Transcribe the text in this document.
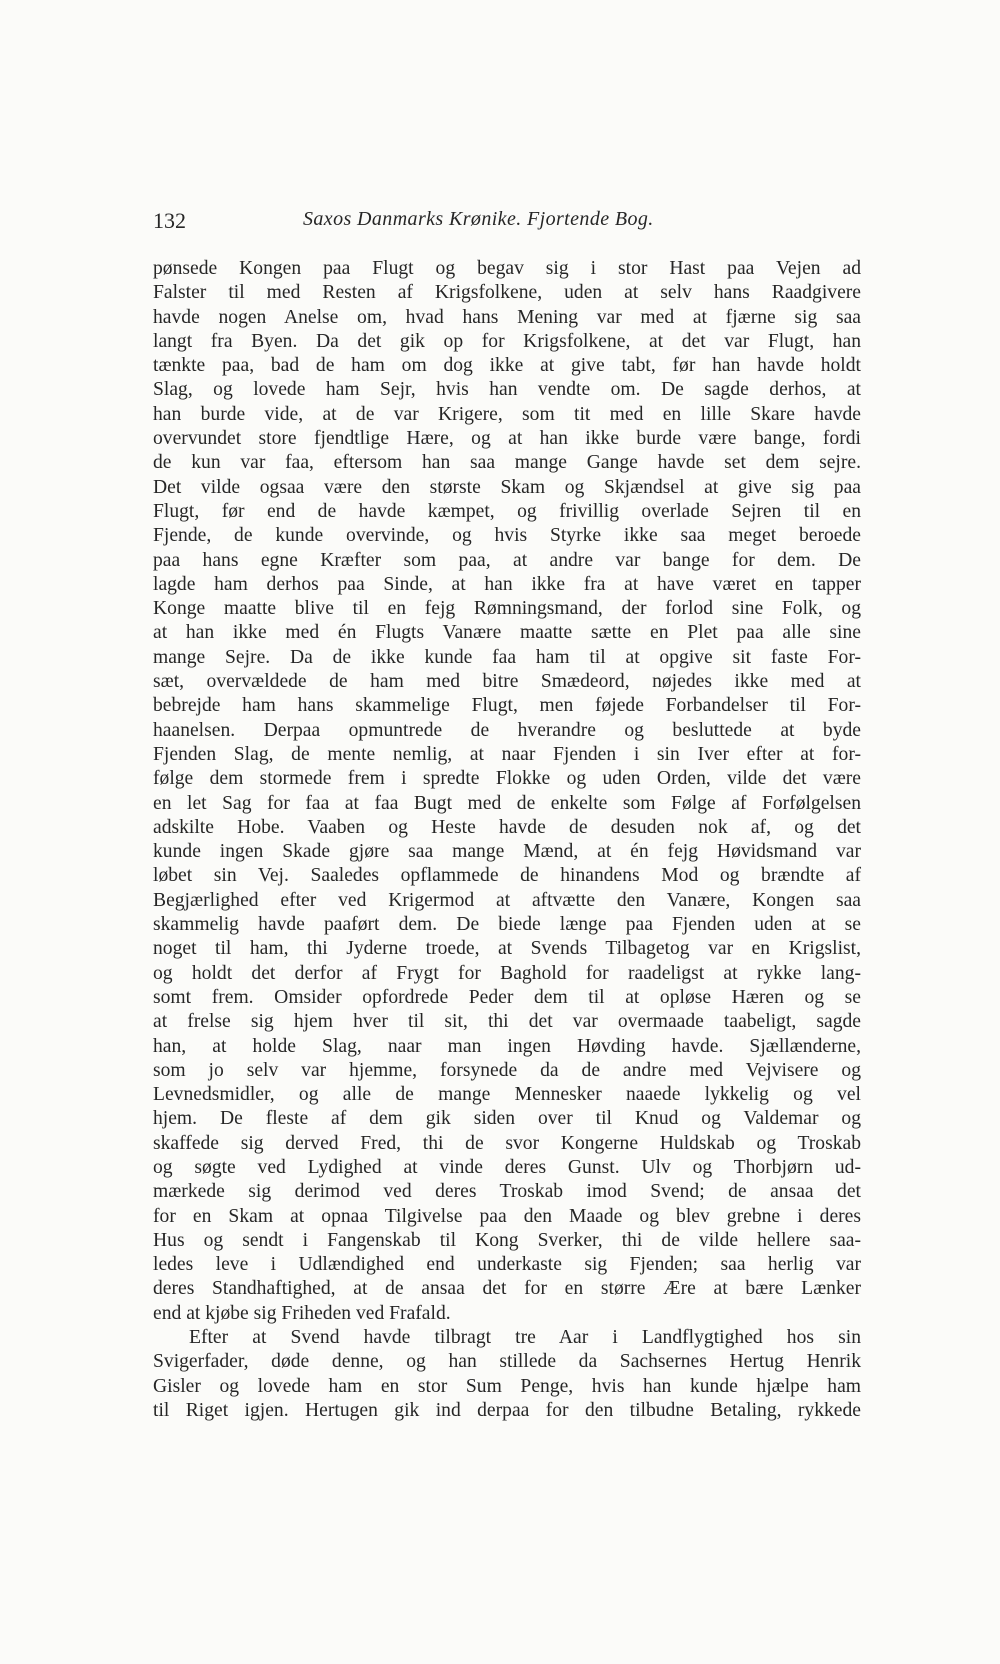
132	Saxos Danmarks Krønike. Fjortende Bog.
pønsede Kongen paa Flugt og begav sig i stor Hast paa Vejen ad
Falster til med Resten af Krigsfolkene, uden at selv hans Raadgivere
havde nogen Anelse om, hvad hans Mening var med at fjærne sig saa
langt fra Byen. Da det gik op for Krigsfolkene, at det var Flugt, han
tænkte paa, bad de ham om dog ikke at give tabt, før han havde holdt
Slag, og lovede ham Sejr, hvis han vendte om. De sagde derhos, at
han burde vide, at de var Krigere, som tit med en lille Skare havde
overvundet store fjendtlige Hære, og at han ikke burde være bange, fordi
de kun var faa, eftersom han saa mange Gange havde set dem sejre.
Det vilde ogsaa være den største Skam og Skjændsel at give sig paa
Flugt, før end de havde kæmpet, og frivillig overlade Sejren til en
Fjende, de kunde overvinde, og hvis Styrke ikke saa meget beroede
paa hans egne Kræfter som paa, at andre var bange for dem. De
lagde ham derhos paa Sinde, at han ikke fra at have været en tapper
Konge maatte blive til en fejg Rømningsmand, der forlod sine Folk, og
at han ikke med én Flugts Vanære maatte sætte en Plet paa alle sine
mange Sejre. Da de ikke kunde faa ham til at opgive sit faste For-
sæt, overvældede de ham med bitre Smædeord, nøjedes ikke med at
bebrejde ham hans skammelige Flugt, men føjede Forbandelser til For-
haanelsen. Derpaa opmuntrede de hverandre og besluttede at byde
Fjenden Slag, de mente nemlig, at naar Fjenden i sin Iver efter at for-
følge dem stormede frem i spredte Flokke og uden Orden, vilde det være
en let Sag for faa at faa Bugt med de enkelte som Følge af Forfølgelsen
adskilte Hobe. Vaaben og Heste havde de desuden nok af, og det
kunde ingen Skade gjøre saa mange Mænd, at én fejg Høvidsmand var
løbet sin Vej. Saaledes opflammede de hinandens Mod og brændte af
Begjærlighed efter ved Krigermod at aftvætte den Vanære, Kongen saa
skammelig havde paaført dem. De biede længe paa Fjenden uden at se
noget til ham, thi Jyderne troede, at Svends Tilbagetog var en Krigslist,
og holdt det derfor af Frygt for Baghold for raadeligst at rykke lang-
somt frem. Omsider opfordrede Peder dem til at opløse Hæren og se
at frelse sig hjem hver til sit, thi det var overmaade taabeligt, sagde
han, at holde Slag, naar man ingen Høvding havde. Sjællænderne,
som jo selv var hjemme, forsynede da de andre med Vejvisere og
Levnedsmidler, og alle de mange Mennesker naaede lykkelig og vel
hjem. De fleste af dem gik siden over til Knud og Valdemar og
skaffede sig derved Fred, thi de svor Kongerne Huldskab og Troskab
og søgte ved Lydighed at vinde deres Gunst. Ulv og Thorbjørn ud-
mærkede sig derimod ved deres Troskab imod Svend; de ansaa det
for en Skam at opnaa Tilgivelse paa den Maade og blev grebne i deres
Hus og sendt i Fangenskab til Kong Sverker, thi de vilde hellere saa-
ledes leve i Udlændighed end underkaste sig Fjenden; saa herlig var
deres Standhaftighed, at de ansaa det for en større Ære at bære Lænker
end at kjøbe sig Friheden ved Frafald.
Efter at Svend havde tilbragt tre Aar i Landflygtighed hos sin
Svigerfader, døde denne, og han stillede da Sachsernes Hertug Henrik
Gisler og lovede ham en stor Sum Penge, hvis han kunde hjælpe ham
til Riget igjen. Hertugen gik ind derpaa for den tilbudne Betaling, rykkede
